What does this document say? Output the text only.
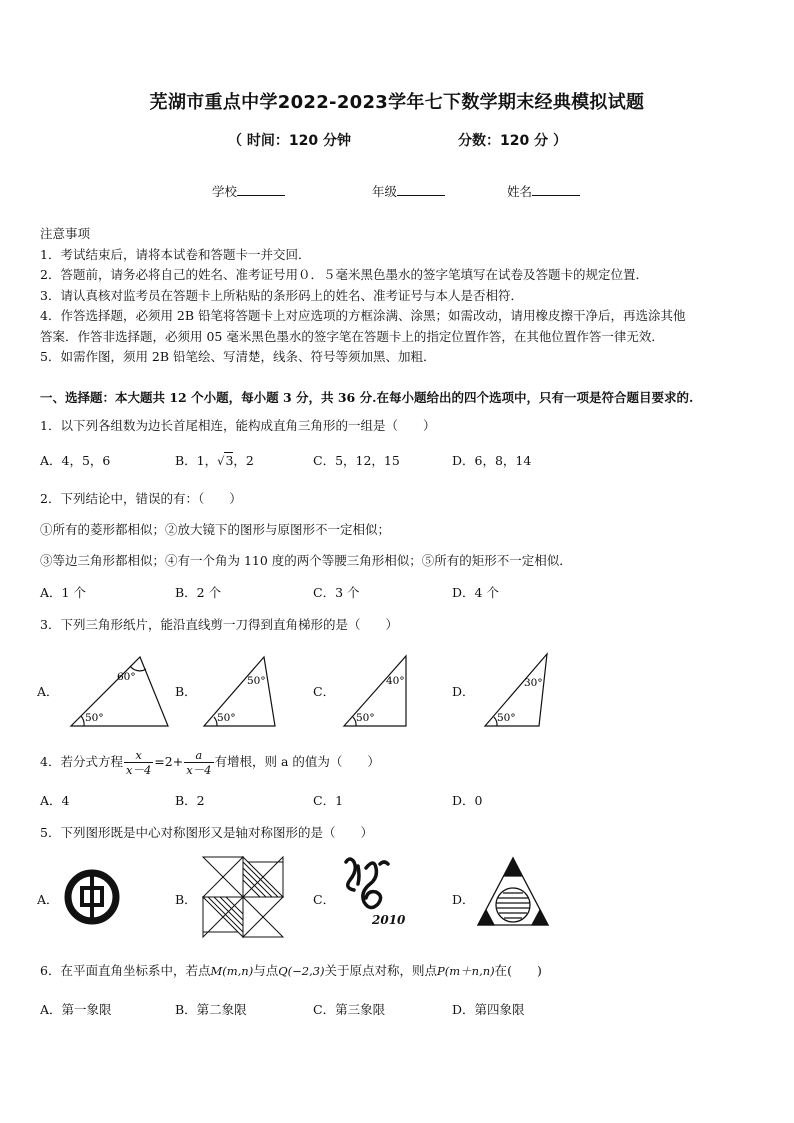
芜湖市重点中学2022-2023学年七下数学期末经典模拟试题
（ 时间：120 分钟	分数：120 分 ）
学校	年级	姓名
注意事项
1．考试结束后，请将本试卷和答题卡一并交回．
2．答题前，请务必将自己的姓名、准考证号用０．５毫米黑色墨水的签字笔填写在试卷及答题卡的规定位置．
3．请认真核对监考员在答题卡上所粘贴的条形码上的姓名、准考证号与本人是否相符．
4．作答选择题，必须用 2B 铅笔将答题卡上对应选项的方框涂满、涂黑；如需改动，请用橡皮擦干净后，再选涂其他
答案．作答非选择题，必须用 05 毫米黑色墨水的签字笔在答题卡上的指定位置作答，在其他位置作答一律无效．
5．如需作图，须用 2B 铅笔绘、写清楚，线条、符号等须加黑、加粗．
一、选择题：本大题共 12 个小题，每小题 3 分，共 36 分.在每小题给出的四个选项中，只有一项是符合题目要求的.
1．以下列各组数为边长首尾相连，能构成直角三角形的一组是（　　）
A．4，5，6	B．1，√3，2	C．5，12，15	D．6，8，14
2．下列结论中，错误的有：（　　）
①所有的菱形都相似；②放大镜下的图形与原图形不一定相似；
③等边三角形都相似；④有一个角为 110 度的两个等腰三角形相似；⑤所有的矩形不一定相似．
A．1 个	B．2 个	C．3 个	D．4 个
3．下列三角形纸片，能沿直线剪一刀得到直角梯形的是（　　）
A．	B．	C．	D．
50°
60°
50°
50°
50°
40°
50°
30°
4．若分式方程 $\frac{x}{x-4} =2+ \frac{a}{x-4}$ 有增根，则 a 的值为（　　）
A．4	B．2	C．1	D．0
5．下列图形既是中心对称图形又是轴对称图形的是（　　）
A．	B．	C．	D．
2010
6．在平面直角坐标系中，若点M(m,n)与点Q(−2,3)关于原点对称，则点P(m＋n,n)在(　　)
A．第一象限	B．第二象限	C．第三象限	D．第四象限
